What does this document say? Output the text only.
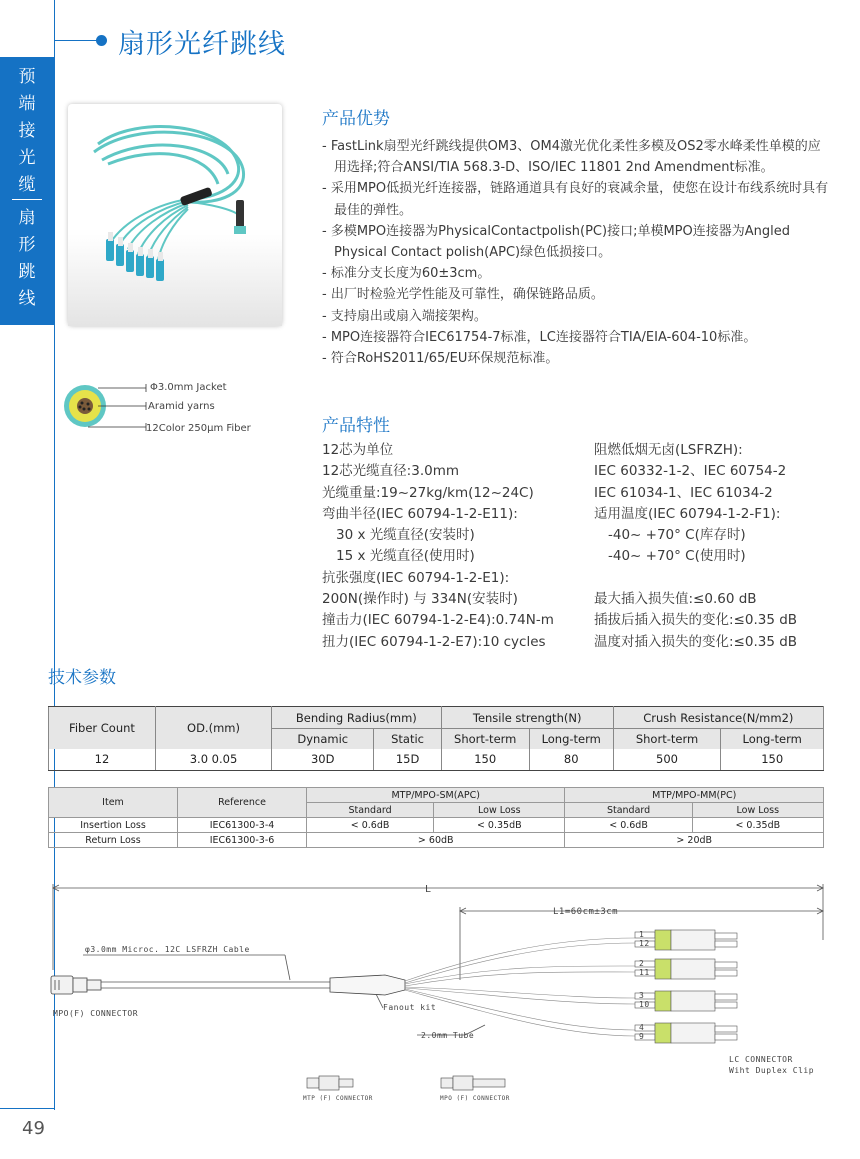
预
端
接
光
缆
扇
形
跳
线
49
扇形光纤跳线
产品优势
- FastLink扇型光纤跳线提供OM3、OM4激光优化柔性多模及OS2零水峰柔性单模的应用选择;符合ANSI/TIA 568.3-D、ISO/IEC 11801 2nd Amendment标准。
- 采用MPO低损光纤连接器，链路通道具有良好的衰减余量，使您在设计布线系统时具有最佳的弹性。
- 多模MPO连接器为PhysicalContactpolish(PC)接口;单模MPO连接器为Angled Physical Contact polish(APC)绿色低损接口。
- 标准分支长度为60±3cm。
- 出厂时检验光学性能及可靠性，确保链路品质。
- 支持扇出或扇入端接架构。
- MPO连接器符合IEC61754-7标准，LC连接器符合TIA/EIA-604-10标准。
- 符合RoHS2011/65/EU环保规范标准。
Φ3.0mm Jacket
Aramid yarns
12Color 250μm Fiber	产品特性
12芯为单位
12芯光缆直径:3.0mm
光缆重量:19~27kg/km(12~24C)
弯曲半径(IEC 60794-1-2-E11):
30 x 光缆直径(安装时)
15 x 光缆直径(使用时)
抗张强度(IEC 60794-1-2-E1):
200N(操作时) 与 334N(安装时)
撞击力(IEC 60794-1-2-E4):0.74N-m
扭力(IEC 60794-1-2-E7):10 cycles
阻燃低烟无卤(LSFRZH):
IEC 60332-1-2、IEC 60754-2
IEC 61034-1、IEC 61034-2
适用温度(IEC 60794-1-2-F1):
-40~ +70° C(库存时)
-40~ +70° C(使用时)
最大插入损失值:≤0.60 dB
插拔后插入损失的变化:≤0.35 dB
温度对插入损失的变化:≤0.35 dB
技术参数
Fiber Count	OD.(mm)	Bending Radius(mm)		Tensile strength(N)		Crush Resistance(N/mm2)	
		Dynamic	Static	Short-term	Long-term	Short-term	Long-term
12	3.0 0.05	30D	15D	150	80	500	150
Item	Reference	MTP/MPO-SM(APC)		MTP/MPO-MM(PC)	
		Standard	Low Loss	Standard	Low Loss
Insertion Loss	IEC61300-3-4	< 0.6dB	< 0.35dB	< 0.6dB	< 0.35dB
Return Loss	IEC61300-3-6	> 60dB		> 20dB	
1
12
2
11
3
10
4
9
L
L1=60cm±3cm
φ3.0mm Microc. 12C LSFRZH Cable
MPO(F) CONNECTOR
Fanout kit
2.0mm Tube
LC CONNECTOR
Wiht Duplex Clip
MTP (F) CONNECTOR	MPO (F) CONNECTOR
